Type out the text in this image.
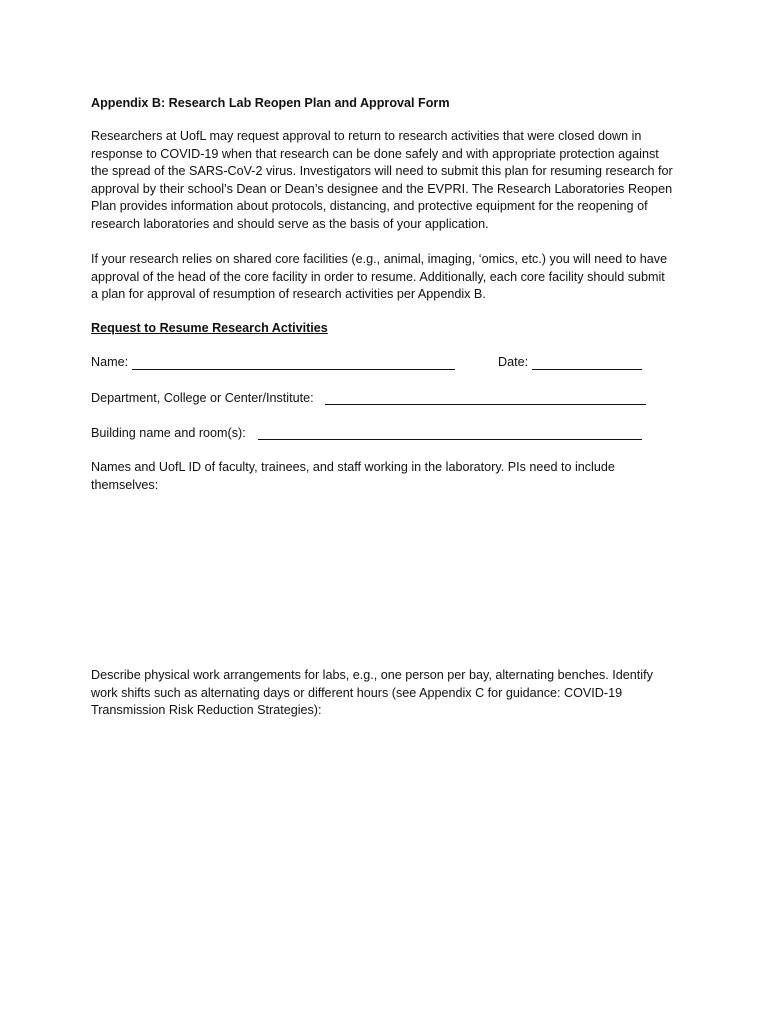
Appendix B: Research Lab Reopen Plan and Approval Form
Researchers at UofL may request approval to return to research activities that were closed down in
response to COVID-19 when that research can be done safely and with appropriate protection against
the spread of the SARS-CoV-2 virus. Investigators will need to submit this plan for resuming research for
approval by their school’s Dean or Dean’s designee and the EVPRI. The Research Laboratories Reopen
Plan provides information about protocols, distancing, and protective equipment for the reopening of
research laboratories and should serve as the basis of your application.
If your research relies on shared core facilities (e.g., animal, imaging, ‘omics, etc.) you will need to have
approval of the head of the core facility in order to resume. Additionally, each core facility should submit
a plan for approval of resumption of research activities per Appendix B.
Request to Resume Research Activities
Name:	Date:
Department, College or Center/Institute:
Building name and room(s):
Names and UofL ID of faculty, trainees, and staff working in the laboratory. PIs need to include
themselves:
Describe physical work arrangements for labs, e.g., one person per bay, alternating benches. Identify
work shifts such as alternating days or different hours (see Appendix C for guidance: COVID-19
Transmission Risk Reduction Strategies):
